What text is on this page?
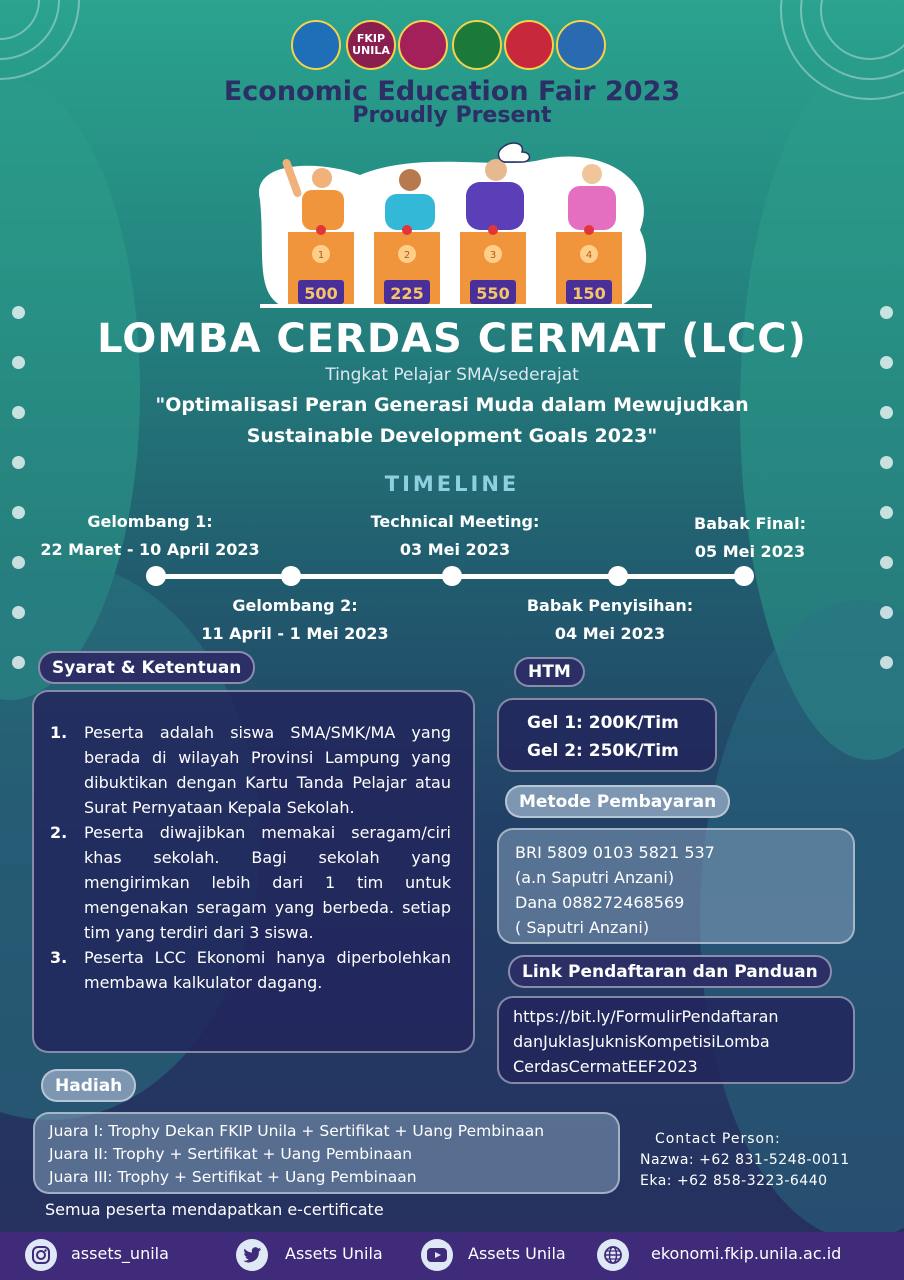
FKIP UNILA
Economic Education Fair 2023
Proudly Present
1	2	3	4
500	225	550	150
LOMBA CERDAS CERMAT (LCC)
Tingkat Pelajar SMA/sederajat
"Optimalisasi Peran Generasi Muda dalam Mewujudkan
Sustainable Development Goals 2023"
TIMELINE
Gelombang 1:
22 Maret - 10 April 2023
Technical Meeting:
03 Mei 2023
Babak Final:
05 Mei 2023
Gelombang 2:
11 April - 1 Mei 2023
Babak Penyisihan:
04 Mei 2023
Syarat & Ketentuan
1. Peserta adalah siswa SMA/SMK/MA yang berada di wilayah Provinsi Lampung yang dibuktikan dengan Kartu Tanda Pelajar atau Surat Pernyataan Kepala Sekolah.
2. Peserta diwajibkan memakai seragam/ciri khas sekolah. Bagi sekolah yang mengirimkan lebih dari 1 tim untuk mengenakan seragam yang berbeda. setiap tim yang terdiri dari 3 siswa.
3. Peserta LCC Ekonomi hanya diperbolehkan membawa kalkulator dagang.
HTM
Gel 1: 200K/Tim
Gel 2: 250K/Tim
Metode Pembayaran
BRI 5809 0103 5821 537
(a.n Saputri Anzani)
Dana 088272468569
( Saputri Anzani)
Link Pendaftaran dan Panduan
https://bit.ly/FormulirPendaftaran
danJukIasJuknisKompetisiLomba
CerdasCermatEEF2023
Hadiah
Juara I: Trophy Dekan FKIP Unila + Sertifikat + Uang Pembinaan
Juara II: Trophy + Sertifikat + Uang Pembinaan
Juara III: Trophy + Sertifikat + Uang Pembinaan
Semua peserta mendapatkan e-certificate
Contact Person:
Nazwa: +62 831-5248-0011
Eka: +62 858-3223-6440
assets_unila	Assets Unila	Assets Unila	ekonomi.fkip.unila.ac.id
